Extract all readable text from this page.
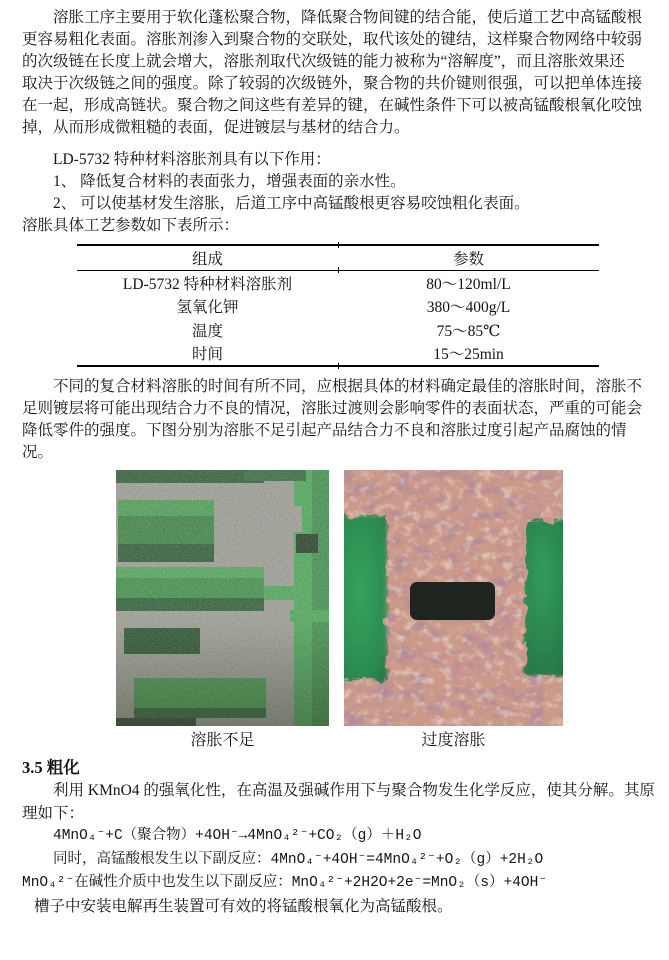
溶胀工序主要用于软化蓬松聚合物，降低聚合物间键的结合能，使后道工艺中高锰酸根
更容易粗化表面。溶胀剂渗入到聚合物的交联处，取代该处的键结，这样聚合物网络中较弱
的次级链在长度上就会增大，溶胀剂取代次级链的能力被称为“溶解度”，而且溶胀效果还
取决于次级链之间的强度。除了较弱的次级链外，聚合物的共价键则很强，可以把单体连接
在一起，形成高链状。聚合物之间这些有差异的键，在碱性条件下可以被高锰酸根氧化咬蚀
掉，从而形成微粗糙的表面，促进镀层与基材的结合力。
LD-5732 特种材料溶胀剂具有以下作用：
1、 降低复合材料的表面张力，增强表面的亲水性。
2、 可以使基材发生溶胀，后道工序中高锰酸根更容易咬蚀粗化表面。
溶胀具体工艺参数如下表所示：
组成	参数
LD-5732 特种材料溶胀剂	80～120ml/L
氢氧化钾	380～400g/L
温度	75～85℃
时间	15～25min
不同的复合材料溶胀的时间有所不同，应根据具体的材料确定最佳的溶胀时间，溶胀不
足则镀层将可能出现结合力不良的情况，溶胀过渡则会影响零件的表面状态，严重的可能会
降低零件的强度。下图分别为溶胀不足引起产品结合力不良和溶胀过度引起产品腐蚀的情
况。
溶胀不足	过度溶胀
3.5 粗化
利用 KMnO4 的强氧化性，在高温及强碱作用下与聚合物发生化学反应，使其分解。其原
理如下：
4MnO₄⁻+C（聚合物）+4OH⁻→4MnO₄²⁻+CO₂（g）＋H₂O
同时，高锰酸根发生以下副反应：4MnO₄⁻+4OH⁻=4MnO₄²⁻+O₂（g）+2H₂O
MnO₄²⁻在碱性介质中也发生以下副反应：MnO₄²⁻+2H2O+2e⁻=MnO₂（s）+4OH⁻
槽子中安装电解再生装置可有效的将锰酸根氧化为高锰酸根。
